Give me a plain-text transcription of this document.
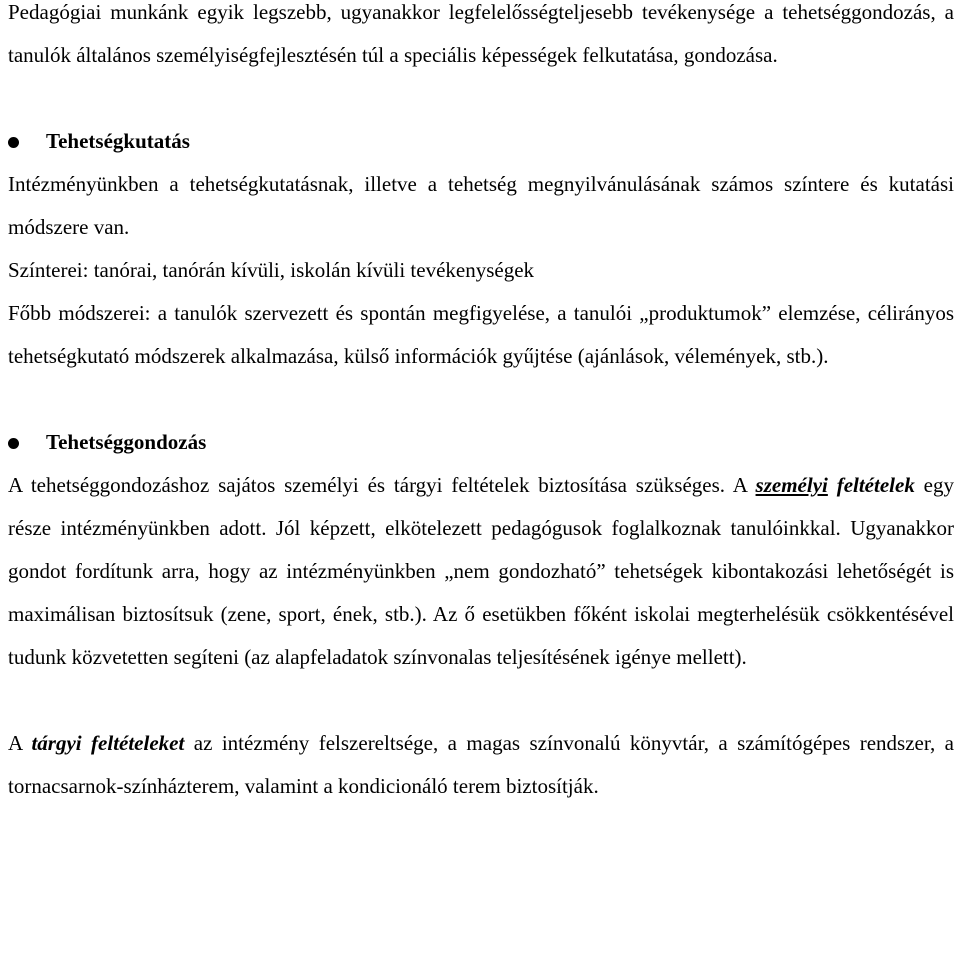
Pedagógiai munkánk egyik legszebb, ugyanakkor legfelelősségteljesebb tevékenysége a tehetséggondozás, a tanulók általános személyiségfejlesztésén túl a speciális képességek felkutatása, gondozása.

Tehetségkutatás

Intézményünkben a tehetségkutatásnak, illetve a tehetség megnyilvánulásának számos színtere és kutatási módszere van.

Színterei: tanórai, tanórán kívüli, iskolán kívüli tevékenységek

Főbb módszerei: a tanulók szervezett és spontán megfigyelése, a tanulói „produktumok” elemzése, célirányos tehetségkutató módszerek alkalmazása, külső információk gyűjtése (ajánlások, vélemények, stb.).

Tehetséggondozás

A tehetséggondozáshoz sajátos személyi és tárgyi feltételek biztosítása szükséges. A személyi feltételek egy része intézményünkben adott. Jól képzett, elkötelezett pedagógusok foglalkoznak tanulóinkkal. Ugyanakkor gondot fordítunk arra, hogy az intézményünkben „nem gondozható” tehetségek kibontakozási lehetőségét is maximálisan biztosítsuk (zene, sport, ének, stb.). Az ő esetükben főként iskolai megterhelésük csökkentésével tudunk közvetetten segíteni (az alapfeladatok színvonalas teljesítésének igénye mellett).

A tárgyi feltételeket az intézmény felszereltsége, a magas színvonalú könyvtár, a számítógépes rendszer, a tornacsarnok-színházterem, valamint a kondicionáló terem biztosítják.
